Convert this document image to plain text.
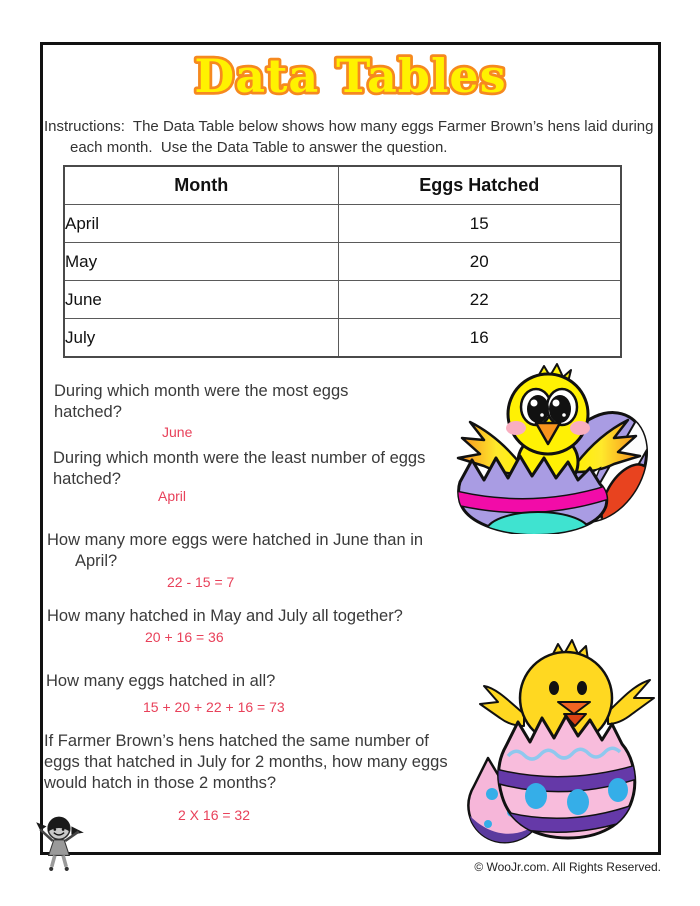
Data Tables
Instructions:  The Data Table below shows how many eggs Farmer Brown’s hens laid during each month.  Use the Data Table to answer the question.
Month	Eggs Hatched
April	15
May	20
June	22
July	16
During which month were the most eggs hatched?
June
During which month were the least number of eggs hatched?
April
How many more eggs were hatched in June than in April?
22 - 15 = 7
How many hatched in May and July all together?
20 + 16 = 36
How many eggs hatched in all?
15 + 20 + 22 + 16 = 73
If Farmer Brown’s hens hatched the same number of eggs that hatched in July for 2 months, how many eggs would hatch in those 2 months?
2 X 16 = 32
© WooJr.com. All Rights Reserved.
